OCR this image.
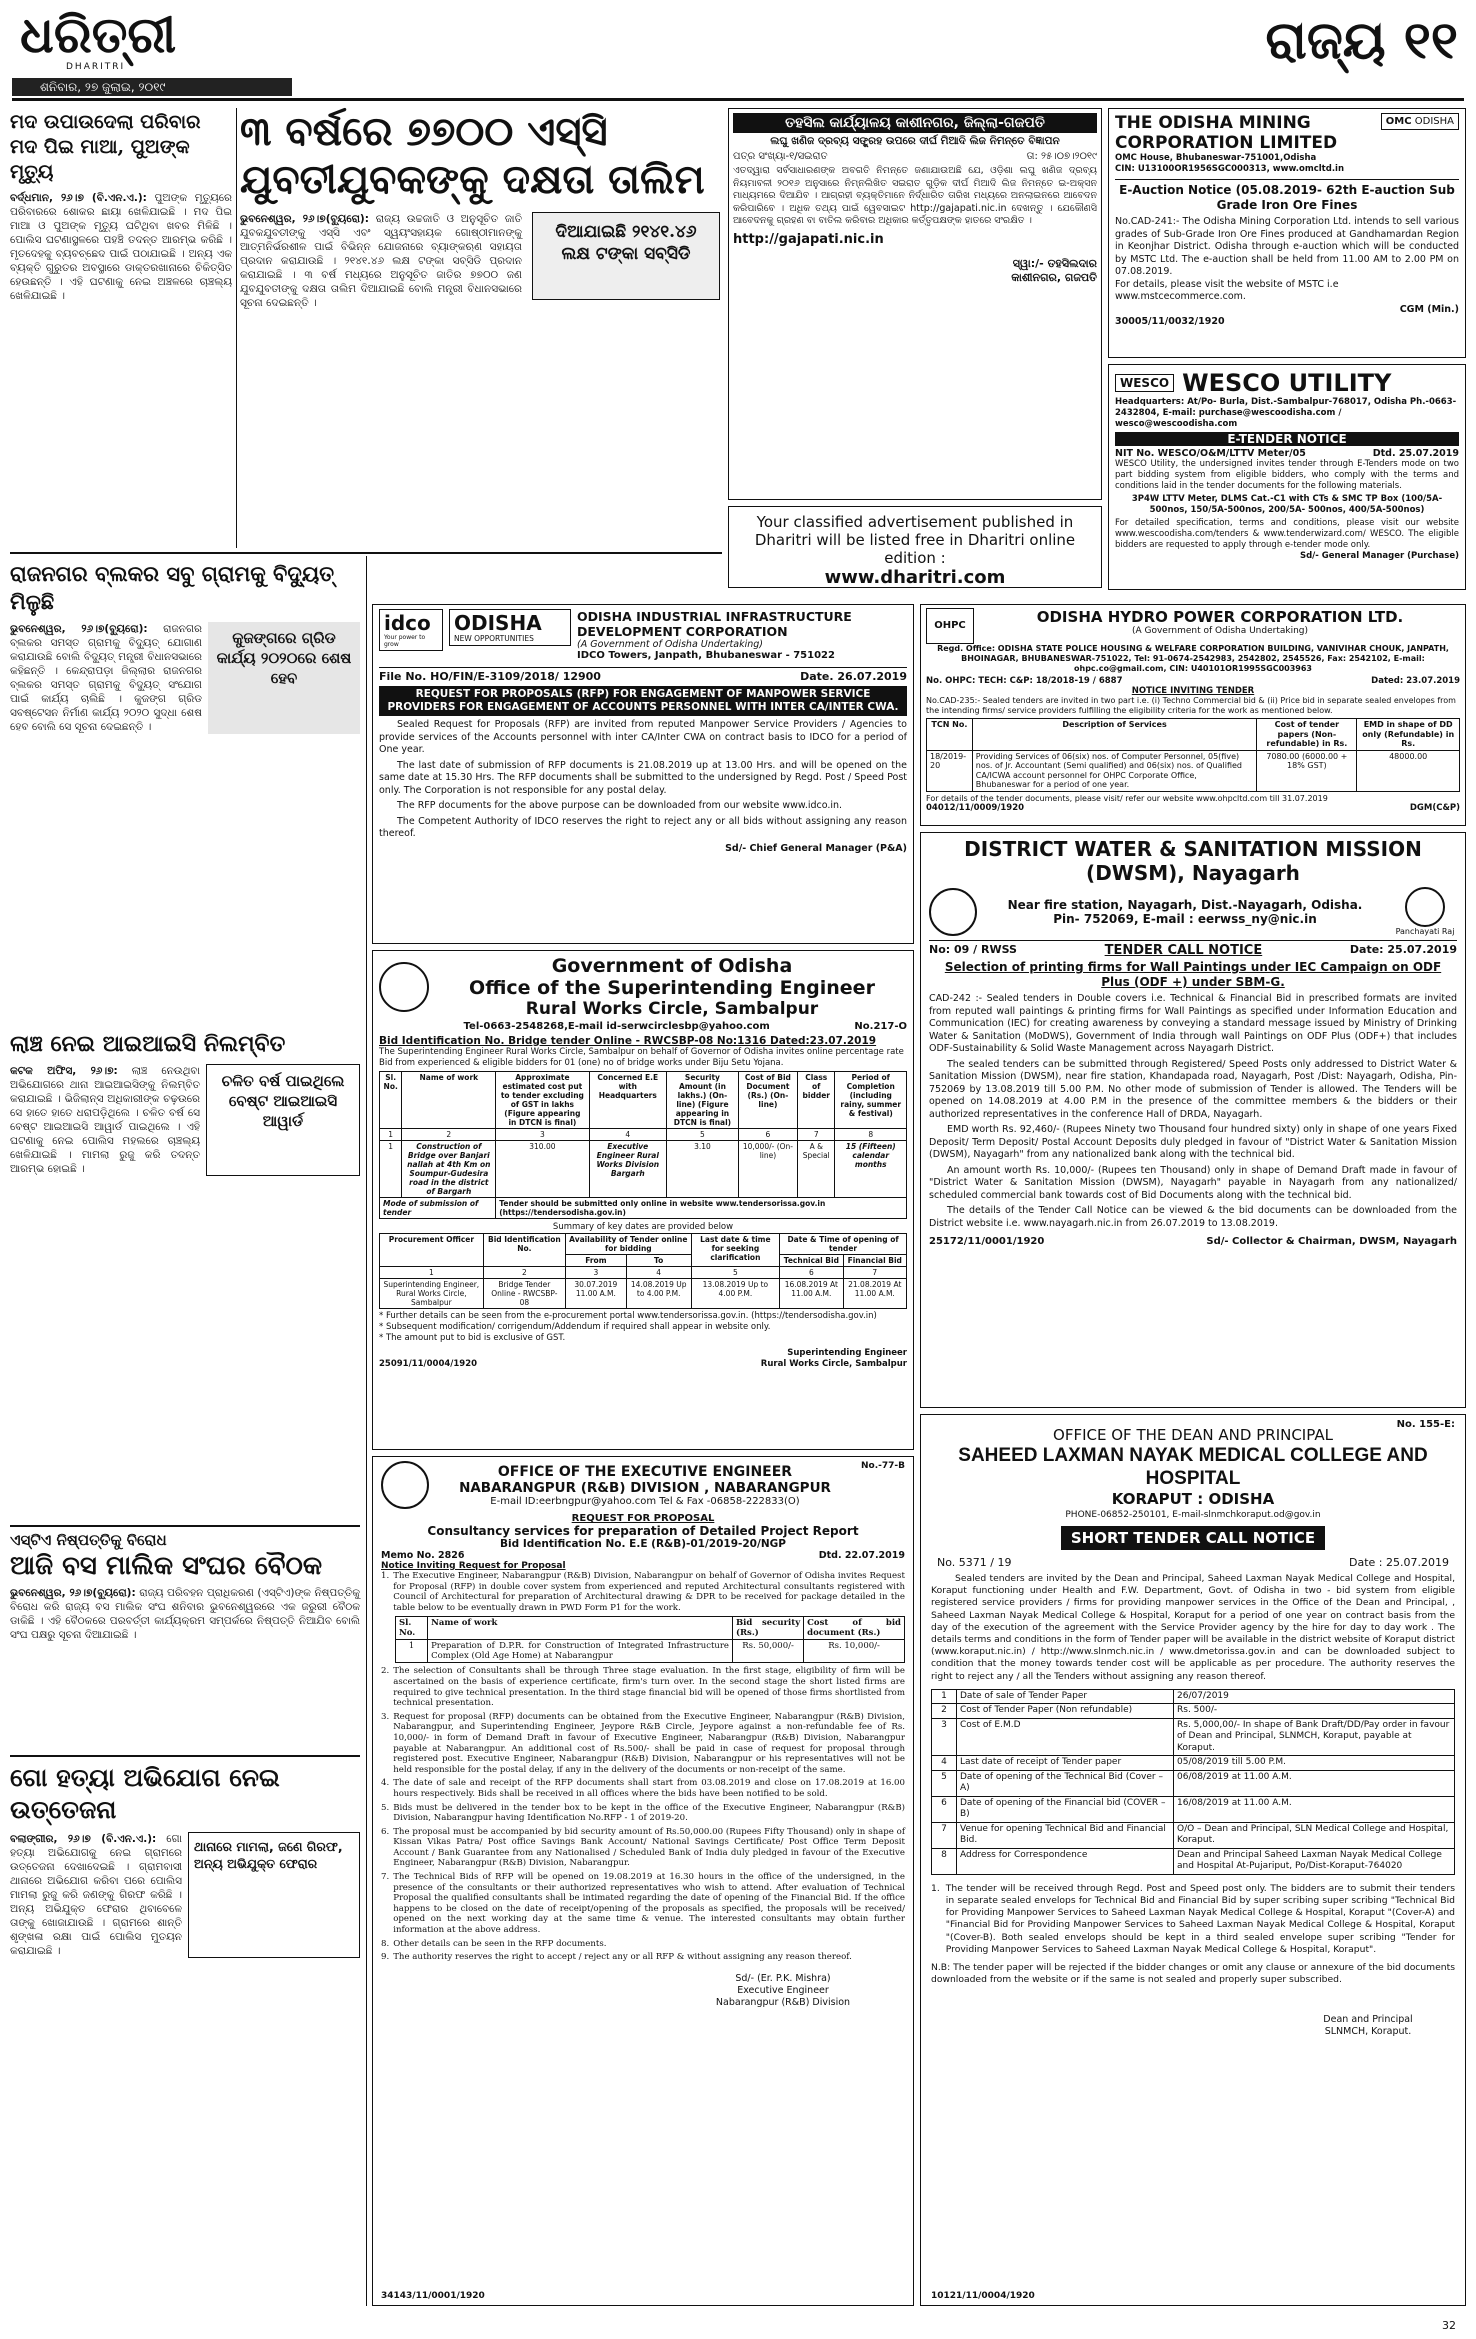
ଧରିତ୍ରୀ
DHARITRI
ଶନିବାର, ୨୭ ଜୁଲାଇ, ୨୦୧୯
ରାଜ୍ୟ ୧୧
ମଦ ଉପାଉଦେଲା ପରିବାର ମଦ ପିଇ ମାଆ, ପୁଅଙ୍କ ମୃତ୍ୟୁ
ବର୍ଦ୍ଧମାନ, ୨୬।୭ (ବି.ଏନ.ଏ.): ପୁଅଙ୍କ ମୃତ୍ୟୁରେ ପରିବାରରେ ଶୋକର ଛାୟା ଖେଳିଯାଇଛି । ମଦ ପିଇ ମାଆ ଓ ପୁଅଙ୍କ ମୃତ୍ୟୁ ଘଟିଥିବା ଖବର ମିଳିଛି । ପୋଲିସ ଘଟଣାସ୍ଥଳରେ ପହଞ୍ଚି ତଦନ୍ତ ଆରମ୍ଭ କରିଛି । ମୃତଦେହକୁ ବ୍ୟବଚ୍ଛେଦ ପାଇଁ ପଠାଯାଇଛି । ଅନ୍ୟ ଏକ ବ୍ୟକ୍ତି ଗୁରୁତର ଅବସ୍ଥାରେ ଡାକ୍ତରଖାନାରେ ଚିକିତ୍ସିତ ହେଉଛନ୍ତି । ଏହି ଘଟଣାକୁ ନେଇ ଅଞ୍ଚଳରେ ଚାଞ୍ଚଲ୍ୟ ଖେଳିଯାଇଛି ।
୩ ବର୍ଷରେ ୭୭୦୦ ଏସ୍‌ସି ଯୁବତୀଯୁବକଙ୍କୁ ଦକ୍ଷତା ତାଲିମ
ଭୁବନେଶ୍ୱର, ୨୬।୭(ବ୍ୟୁରୋ): ରାଜ୍ୟ ଉଚ୍ଚଜାତି ଓ ଅନୁସୂଚିତ ଜାତି ଯୁବକଯୁବତୀଙ୍କୁ ଏସ୍‌ସି ଏବଂ ସ୍ୱୟଂସହାୟକ ଗୋଷ୍ଠୀମାନଙ୍କୁ ଆତ୍ମନିର୍ଭରଶୀଳ ପାଇଁ ବିଭିନ୍ନ ଯୋଜନାରେ ବ୍ୟାଙ୍କଋଣ ସହାୟତା ପ୍ରଦାନ କରାଯାଉଛି । ୨୧୪୧.୪୬ ଲକ୍ଷ ଟଙ୍କା ସବ୍‌ସିଡି ପ୍ରଦାନ କରାଯାଇଛି । ୩ ବର୍ଷ ମଧ୍ୟରେ ଅନୁସୂଚିତ ଜାତିର ୭୭୦୦ ଜଣ ଯୁବଯୁବତୀଙ୍କୁ ଦକ୍ଷତା ତାଲିମ ଦିଆଯାଇଛି ବୋଲି ମନ୍ତ୍ରୀ ବିଧାନସଭାରେ ସୂଚନା ଦେଇଛନ୍ତି ।
ଦିଆଯାଇଛି ୨୧୪୧.୪୬ ଲକ୍ଷ ଟଙ୍କା ସବ୍‌ସିଡି
ରାଜନଗର ବ୍ଲକର ସବୁ ଗ୍ରାମକୁ ବିଦ୍ୟୁତ୍ ମିଳୁଛି
ଭୁବନେଶ୍ୱର, ୨୬।୭(ବ୍ୟୁରୋ): ରାଜନଗର ବ୍ଲକର ସମସ୍ତ ଗ୍ରାମକୁ ବିଦ୍ୟୁତ୍ ଯୋଗାଣ କରାଯାଉଛି ବୋଲି ବିଦ୍ୟୁତ୍ ମନ୍ତ୍ରୀ ବିଧାନସଭାରେ କହିଛନ୍ତି । କେନ୍ଦ୍ରାପଡ଼ା ଜିଲ୍ଲାର ରାଜନଗର ବ୍ଲକର ସମସ୍ତ ଗ୍ରାମକୁ ବିଦ୍ୟୁତ୍ ସଂଯୋଗ ପାଇଁ କାର୍ଯ୍ୟ ଚାଲିଛି । କୁଜଙ୍ଗ ଗ୍ରିଡ ସବଷ୍ଟେସନ ନିର୍ମାଣ କାର୍ଯ୍ୟ ୨୦୨୦ ସୁଦ୍ଧା ଶେଷ ହେବ ବୋଲି ସେ ସୂଚନା ଦେଇଛନ୍ତି ।
କୁଜଙ୍ଗରେ ଗ୍ରିଡ କାର୍ଯ୍ୟ ୨୦୨୦ରେ ଶେଷ ହେବ
ଲାଞ୍ଚ ନେଇ ଆଇଆଇସି ନିଲମ୍ବିତ
କଟକ ଅଫିସ, ୨୬।୭: ଲାଞ୍ଚ ନେଉଥିବା ଅଭିଯୋଗରେ ଥାନା ଆଇଆଇସିଙ୍କୁ ନିଲମ୍ବିତ କରାଯାଇଛି । ଭିଜିଲାନ୍ସ ଅଧିକାରୀଙ୍କ ଚଢ଼ଉରେ ସେ ହାତେ ହାତେ ଧରାପଡ଼ିଥିଲେ । ଚଳିତ ବର୍ଷ ସେ ବେଷ୍ଟ ଆଇଆଇସି ଆୱାର୍ଡ ପାଇଥିଲେ । ଏହି ଘଟଣାକୁ ନେଇ ପୋଲିସ ମହଲରେ ଚାଞ୍ଚଲ୍ୟ ଖେଳିଯାଇଛି । ମାମଲା ରୁଜୁ କରି ତଦନ୍ତ ଆରମ୍ଭ ହୋଇଛି ।
ଚଳିତ ବର୍ଷ ପାଇଥିଲେ ବେଷ୍ଟ ଆଇଆଇସି ଆୱାର୍ଡ
ଏସ୍‌ଟିଏ ନିଷ୍ପତ୍ତିକୁ ବିରୋଧ
ଆଜି ବସ ମାଲିକ ସଂଘର ବୈଠକ
ଭୁବନେଶ୍ୱର, ୨୬।୭(ବ୍ୟୁରୋ): ରାଜ୍ୟ ପରିବହନ ପ୍ରାଧିକରଣ (ଏସ୍‌ଟିଏ)ଙ୍କ ନିଷ୍ପତ୍ତିକୁ ବିରୋଧ କରି ରାଜ୍ୟ ବସ ମାଲିକ ସଂଘ ଶନିବାର ଭୁବନେଶ୍ୱରରେ ଏକ ଜରୁରୀ ବୈଠକ ଡାକିଛି । ଏହି ବୈଠକରେ ପରବର୍ତ୍ତୀ କାର୍ଯ୍ୟକ୍ରମ ସମ୍ପର୍କରେ ନିଷ୍ପତ୍ତି ନିଆଯିବ ବୋଲି ସଂଘ ପକ୍ଷରୁ ସୂଚନା ଦିଆଯାଇଛି ।
ଗୋ ହତ୍ୟା ଅଭିଯୋଗ ନେଇ ଉତ୍ତେଜନା
ବଲାଙ୍ଗୀର, ୨୬।୭ (ବି.ଏନ.ଏ.): ଗୋ ହତ୍ୟା ଅଭିଯୋଗକୁ ନେଇ ଗ୍ରାମରେ ଉତ୍ତେଜନା ଦେଖାଦେଇଛି । ଗ୍ରାମବାସୀ ଥାନାରେ ଅଭିଯୋଗ କରିବା ପରେ ପୋଲିସ ମାମଲା ରୁଜୁ କରି ଜଣଙ୍କୁ ଗିରଫ କରିଛି । ଅନ୍ୟ ଅଭିଯୁକ୍ତ ଫେରାର ଥିବାବେଳେ ତାଙ୍କୁ ଖୋଜାଯାଉଛି । ଗ୍ରାମରେ ଶାନ୍ତି ଶୃଙ୍ଖଳା ରକ୍ଷା ପାଇଁ ପୋଲିସ ମୁତୟନ କରାଯାଇଛି ।
ଥାନାରେ ମାମଲା, ଜଣେ ଗିରଫ,
ଅନ୍ୟ ଅଭିଯୁକ୍ତ ଫେରାର
ତହସିଲ କାର୍ଯ୍ୟାଳୟ କାଶୀନଗର, ଜିଲ୍ଲା-ଗଜପତି
ଲଘୁ ଖଣିଜ ଦ୍ରବ୍ୟ ସଙ୍ଗ୍ରହ ଉପରେ ଦୀର୍ଘ ମିଆଦି ଲିଜ ନିମନ୍ତେ ବିଜ୍ଞାପନ
ପତ୍ର ସଂଖ୍ୟା-୧/ସଇରାତ	ତା: ୨୫।୦୭।୨୦୧୯
ଏତଦ୍ୱାରା ସର୍ବସାଧାରଣଙ୍କ ଅବଗତି ନିମନ୍ତେ ଜଣାଯାଉଅଛି ଯେ, ଓଡ଼ିଶା ଲଘୁ ଖଣିଜ ଦ୍ରବ୍ୟ ନିୟମାବଳୀ ୨୦୧୬ ଅନୁସାରେ ନିମ୍ନଲିଖିତ ସଇରାତ ଗୁଡ଼ିକ ଦୀର୍ଘ ମିଆଦି ଲିଜ ନିମନ୍ତେ ଇ-ଅକ୍ସନ ମାଧ୍ୟମରେ ଦିଆଯିବ । ଆଗ୍ରହୀ ବ୍ୟକ୍ତିମାନେ ନିର୍ଦ୍ଧାରିତ ତାରିଖ ମଧ୍ୟରେ ଅନଲାଇନରେ ଆବେଦନ କରିପାରିବେ । ଅଧିକ ତଥ୍ୟ ପାଇଁ ୱେବସାଇଟ http://gajapati.nic.in ଦେଖନ୍ତୁ । ଯେକୌଣସି ଆବେଦନକୁ ଗ୍ରହଣ ବା ବାତିଲ କରିବାର ଅଧିକାର କର୍ତ୍ତୃପକ୍ଷଙ୍କ ହାତରେ ସଂରକ୍ଷିତ ।
http://gajapati.nic.in
ସ୍ୱା:/- ତହସିଲଦାର
କାଶୀନଗର, ଗଜପତି
Your classified advertisement published in Dharitri will be listed free in Dharitri online edition :
www.dharitri.com
THE ODISHA MINING CORPORATION LIMITED
OMC ODISHA
OMC House, Bhubaneswar-751001,Odisha
CIN: U13100OR1956SGC000313, www.omcltd.in
E-Auction Notice (05.08.2019- 62th E-auction Sub Grade Iron Ore Fines
No.CAD-241:- The Odisha Mining Corporation Ltd. intends to sell various grades of Sub-Grade Iron Ore Fines produced at Gandhamardan Region in Keonjhar District. Odisha through e-auction which will be conducted by MSTC Ltd. The e-auction shall be held from 11.00 AM to 2.00 PM on 07.08.2019.
For details, please visit the website of MSTC i.e www.mstcecommerce.com.
CGM (Min.)
30005/11/0032/1920
WESCO WESCO UTILITY
Headquarters: At/Po- Burla, Dist.-Sambalpur-768017, Odisha Ph.-0663-2432804, E-mail: purchase@wescoodisha.com / wesco@wescoodisha.com
E-TENDER NOTICE
NIT No. WESCO/O&M/LTTV Meter/05	Dtd. 25.07.2019
WESCO Utility, the undersigned invites tender through E-Tenders mode on two part bidding system from eligible bidders, who comply with the terms and conditions laid in the tender documents for the following materials.
3P4W LTTV Meter, DLMS Cat.-C1 with CTs & SMC TP Box (100/5A- 500nos, 150/5A-500nos, 200/5A- 500nos, 400/5A-500nos)
For detailed specification, terms and conditions, please visit our website www.wescoodisha.com/tenders & www.tenderwizard.com/ WESCO. The eligible bidders are requested to apply through e-tender mode only.
Sd/- General Manager (Purchase)
idco
Your power to grow
ODISHA
NEW OPPORTUNITIES
ODISHA INDUSTRIAL INFRASTRUCTURE DEVELOPMENT CORPORATION
(A Government of Odisha Undertaking)
IDCO Towers, Janpath, Bhubaneswar - 751022
File No. HO/FIN/E-3109/2018/ 12900	Date. 26.07.2019
REQUEST FOR PROPOSALS (RFP) FOR ENGAGEMENT OF MANPOWER SERVICE PROVIDERS FOR ENGAGEMENT OF ACCOUNTS PERSONNEL WITH INTER CA/INTER CWA.
Sealed Request for Proposals (RFP) are invited from reputed Manpower Service Providers / Agencies to provide services of the Accounts personnel with inter CA/Inter CWA on contract basis to IDCO for a period of One year.
The last date of submission of RFP documents is 21.08.2019 up at 13.00 Hrs. and will be opened on the same date at 15.30 Hrs. The RFP documents shall be submitted to the undersigned by Regd. Post / Speed Post only. The Corporation is not responsible for any postal delay.
The RFP documents for the above purpose can be downloaded from our website www.idco.in.
The Competent Authority of IDCO reserves the right to reject any or all bids without assigning any reason thereof.
Sd/- Chief General Manager (P&A)
OHPC	ODISHA HYDRO POWER CORPORATION LTD.
(A Government of Odisha Undertaking)
Regd. Office: ODISHA STATE POLICE HOUSING & WELFARE CORPORATION BUILDING, VANIVIHAR CHOUK, JANPATH, BHOINAGAR, BHUBANESWAR-751022, Tel: 91-0674-2542983, 2542802, 2545526, Fax: 2542102, E-mail: ohpc.co@gmail.com, CIN: U40101OR1995SGC003963
No. OHPC: TECH: C&P: 18/2018-19 / 6887	Dated: 23.07.2019
NOTICE INVITING TENDER
No.CAD-235:- Sealed tenders are invited in two part i.e. (i) Techno Commercial bid & (ii) Price bid in separate sealed envelopes from the intending firms/ service providers fulfilling the eligibility criteria for the work as mentioned below.
TCN No.	Description of Services	Cost of tender papers (Non-refundable) in Rs.	EMD in shape of DD only (Refundable) in Rs.
18/2019-20	Providing Services of 06(six) nos. of Computer Personnel, 05(five) nos. of Jr. Accountant (Semi qualified) and 06(six) nos. of Qualified CA/ICWA account personnel for OHPC Corporate Office, Bhubaneswar for a period of one year.	7080.00 (6000.00 + 18% GST)	48000.00
For details of the tender documents, please visit/ refer our website www.ohpcltd.com till 31.07.2019
04012/11/0009/1920	DGM(C&P)
DISTRICT WATER & SANITATION MISSION (DWSM), Nayagarh
Near fire station, Nayagarh, Dist.-Nayagarh, Odisha.
Pin- 752069, E-mail : eerwss_ny@nic.in
Panchayati Raj
No: 09 / RWSS	TENDER CALL NOTICE	Date: 25.07.2019
Selection of printing firms for Wall Paintings under IEC Campaign on ODF Plus (ODF +) under SBM-G.
CAD-242 :- Sealed tenders in Double covers i.e. Technical & Financial Bid in prescribed formats are invited from reputed wall paintings & printing firms for Wall Paintings as specified under Information Education and Communication (IEC) for creating awareness by conveying a standard message issued by Ministry of Drinking Water & Sanitation (MoDWS), Government of India through wall Paintings on ODF Plus (ODF+) that includes ODF-Sustainability & Solid Waste Management across Nayagarh District.
The sealed tenders can be submitted through Registered/ Speed Posts only addressed to District Water & Sanitation Mission (DWSM), near fire station, Khandapada road, Nayagarh, Post /Dist: Nayagarh, Odisha, Pin-752069 by 13.08.2019 till 5.00 P.M. No other mode of submission of Tender is allowed. The Tenders will be opened on 14.08.2019 at 4.00 P.M in the presence of the committee members & the bidders or their authorized representatives in the conference Hall of DRDA, Nayagarh.
EMD worth Rs. 92,460/- (Rupees Ninety two Thousand four hundred sixty) only in shape of one years Fixed Deposit/ Term Deposit/ Postal Account Deposits duly pledged in favour of "District Water & Sanitation Mission (DWSM), Nayagarh" from any nationalized bank along with the technical bid.
An amount worth Rs. 10,000/- (Rupees ten Thousand) only in shape of Demand Draft made in favour of "District Water & Sanitation Mission (DWSM), Nayagarh" payable in Nayagarh from any nationalized/ scheduled commercial bank towards cost of Bid Documents along with the technical bid.
The details of the Tender Call Notice can be viewed & the bid documents can be downloaded from the District website i.e. www.nayagarh.nic.in from 26.07.2019 to 13.08.2019.
25172/11/0001/1920	Sd/- Collector & Chairman, DWSM, Nayagarh
Government of Odisha
Office of the Superintending Engineer
Rural Works Circle, Sambalpur
Tel-0663-2548268,E-mail id-serwcirclesbp@yahoo.com	No.217-O
Bid Identification No. Bridge tender Online - RWCSBP-08 No:1316 Dated:23.07.2019
The Superintending Engineer Rural Works Circle, Sambalpur on behalf of Governor of Odisha invites online percentage rate Bid from experienced & eligible bidders for 01 (one) no of bridge works under Biju Setu Yojana.
Sl. No.	Name of work	Approximate estimated cost put to tender excluding of GST in lakhs (Figure appearing in DTCN is final)	Concerned E.E with Headquarters	Security Amount (in lakhs.) (On-line) (Figure appearing in DTCN is final)	Cost of Bid Document (Rs.) (On-line)	Class of bidder	Period of Completion (including rainy, summer & festival)
1	2	3	4	5	6	7	8
1	Construction of Bridge over Banjari nallah at 4th Km on Soumpur-Gudesira road in the district of Bargarh	310.00	Executive Engineer Rural Works Division Bargarh	3.10	10,000/- (On-line)	A & Special	15 (Fifteen) calendar months
Mode of submission of tender		Tender should be submitted only online in website www.tendersorissa.gov.in (https://tendersodisha.gov.in)					
Summary of key dates are provided below
Procurement Officer	Bid Identification No.	Availability of Tender online for bidding		Last date & time for seeking clarification	Date & Time of opening of tender	
		From	To		Technical Bid	Financial Bid
1	2	3	4	5	6	7
Superintending Engineer, Rural Works Circle, Sambalpur	Bridge Tender Online - RWCSBP-08	30.07.2019 11.00 A.M.	14.08.2019 Up to 4.00 P.M.	13.08.2019 Up to 4.00 P.M.	16.08.2019 At 11.00 A.M.	21.08.2019 At 11.00 A.M.
* Further details can be seen from the e-procurement portal www.tendersorissa.gov.in. (https://tendersodisha.gov.in)
* Subsequent modification/ corrigendum/Addendum if required shall appear in website only.
* The amount put to bid is exclusive of GST.
Superintending Engineer
25091/11/0004/1920	Rural Works Circle, Sambalpur
OFFICE OF THE EXECUTIVE ENGINEER
NABARANGPUR (R&B) DIVISION , NABARANGPUR
E-mail ID:eerbngpur@yahoo.com Tel & Fax -06858-222833(O)
No.-77-B
REQUEST FOR PROPOSAL
Consultancy services for preparation of Detailed Project Report
Bid Identification No. E.E (R&B)-01/2019-20/NGP
Memo No. 2826	Dtd. 22.07.2019
Notice Inviting Request for Proposal
1. The Executive Engineer, Nabarangpur (R&B) Division, Nabarangpur on behalf of Governor of Odisha invites Request for Proposal (RFP) in double cover system from experienced and reputed Architectural consultants registered with Council of Architectural for preparation of Architectural drawing & DPR to be received for package detailed in the table below to be eventually drawn in PWD Form P1 for the work.
Sl. No.	Name of work	Bid security (Rs.)	Cost of bid document (Rs.)
1	Preparation of D.P.R. for Construction of Integrated Infrastructure Complex (Old Age Home) at Nabarangpur	Rs. 50,000/-	Rs. 10,000/-
2. The selection of Consultants shall be through Three stage evaluation. In the first stage, eligibility of firm will be ascertained on the basis of experience certificate, firm's turn over. In the second stage the short listed firms are required to give technical presentation. In the third stage financial bid will be opened of those firms shortlisted from technical presentation.
3. Request for proposal (RFP) documents can be obtained from the Executive Engineer, Nabarangpur (R&B) Division, Nabarangpur, and Superintending Engineer, Jeypore R&B Circle, Jeypore against a non-refundable fee of Rs. 10,000/- in form of Demand Draft in favour of Executive Engineer, Nabarangpur (R&B) Division, Nabarangpur payable at Nabarangpur. An additional cost of Rs.500/- shall be paid in case of request for proposal through registered post. Executive Engineer, Nabarangpur (R&B) Division, Nabarangpur or his representatives will not be held responsible for the postal delay, if any in the delivery of the documents or non-receipt of the same.
4. The date of sale and receipt of the RFP documents shall start from 03.08.2019 and close on 17.08.2019 at 16.00 hours respectively. Bids shall be received in all offices where the bids have been notified to be sold.
5. Bids must be delivered in the tender box to be kept in the office of the Executive Engineer, Nabarangpur (R&B) Division, Nabarangpur having Identification No.RFP - 1 of 2019-20.
6. The proposal must be accompanied by bid security amount of Rs.50,000.00 (Rupees Fifty Thousand) only in shape of Kissan Vikas Patra/ Post office Savings Bank Account/ National Savings Certificate/ Post Office Term Deposit Account / Bank Guarantee from any Nationalised / Scheduled Bank of India duly pledged in favour of the Executive Engineer, Nabarangpur (R&B) Division, Nabarangpur.
7. The Technical Bids of RFP will be opened on 19.08.2019 at 16.30 hours in the office of the undersigned, in the presence of the consultants or their authorized representatives who wish to attend. After evaluation of Technical Proposal the qualified consultants shall be intimated regarding the date of opening of the Financial Bid. If the office happens to be closed on the date of receipt/opening of the proposals as specified, the proposals will be received/ opened on the next working day at the same time & venue. The interested consultants may obtain further information at the above address.
8. Other details can be seen in the RFP documents.
9. The authority reserves the right to accept / reject any or all RFP & without assigning any reason thereof.
Sd/- (Er. P.K. Mishra)
Executive Engineer
Nabarangpur (R&B) Division
34143/11/0001/1920
No. 155-E:
OFFICE OF THE DEAN AND PRINCIPAL
SAHEED LAXMAN NAYAK MEDICAL COLLEGE AND HOSPITAL
KORAPUT : ODISHA
PHONE-06852-250101, E-mail-slnmchkoraput.od@gov.in
SHORT TENDER CALL NOTICE
No. 5371 / 19	Date : 25.07.2019
Sealed tenders are invited by the Dean and Principal, Saheed Laxman Nayak Medical College and Hospital, Koraput functioning under Health and F.W. Department, Govt. of Odisha in two - bid system from eligible registered service providers / firms for providing manpower services in the Office of the Dean and Principal, , Saheed Laxman Nayak Medical College & Hospital, Koraput for a period of one year on contract basis from the day of the execution of the agreement with the Service Provider agency by the hire for day to day work . The details terms and conditions in the form of Tender paper will be available in the district website of Koraput district (www.koraput.nic.in) / http://www.slnmch.nic.in / www.dmetorissa.gov.in and can be downloaded subject to condition that the money towards tender cost will be applicable as per procedure. The authority reserves the right to reject any / all the Tenders without assigning any reason thereof.
1	Date of sale of Tender Paper	26/07/2019
2	Cost of Tender Paper (Non refundable)	Rs. 500/-
3	Cost of E.M.D	Rs. 5,000,00/- In shape of Bank Draft/DD/Pay order in favour of Dean and Principal, SLNMCH, Koraput, payable at Koraput.
4	Last date of receipt of Tender paper	05/08/2019 till 5.00 P.M.
5	Date of opening of the Technical Bid (Cover –A)	06/08/2019 at 11.00 A.M.
6	Date of opening of the Financial bid (COVER –B)	16/08/2019 at 11.00 A.M.
7	Venue for opening Technical Bid and Financial Bid.	O/O – Dean and Principal, SLN Medical College and Hospital, Koraput.
8	Address for Correspondence	Dean and Principal Saheed Laxman Nayak Medical College and Hospital At-Pujariput, Po/Dist-Koraput-764020
1. The tender will be received through Regd. Post and Speed post only. The bidders are to submit their tenders in separate sealed envelops for Technical Bid and Financial Bid by super scribing super scribing "Technical Bid for Providing Manpower Services to Saheed Laxman Nayak Medical College & Hospital, Koraput "(Cover-A) and "Financial Bid for Providing Manpower Services to Saheed Laxman Nayak Medical College & Hospital, Koraput "(Cover-B). Both sealed envelops should be kept in a third sealed envelope super scribing "Tender for Providing Manpower Services to Saheed Laxman Nayak Medical College & Hospital, Koraput".
N.B: The tender paper will be rejected if the bidder changes or omit any clause or annexure of the bid documents downloaded from the website or if the same is not sealed and properly super subscribed.
Dean and Principal
SLNMCH, Koraput.
10121/11/0004/1920
32
